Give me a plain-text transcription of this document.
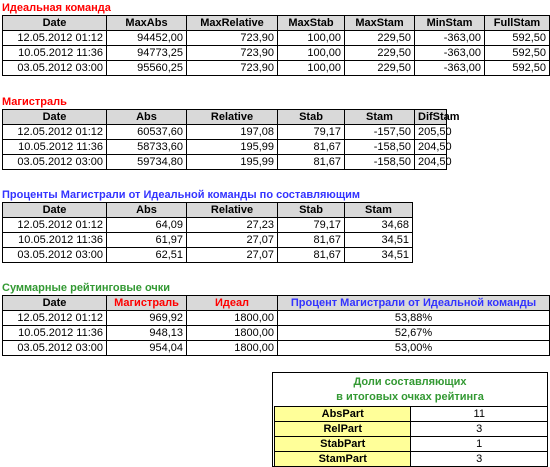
Идеальная команда
Date	MaxAbs	MaxRelative	MaxStab	MaxStam	MinStam	FullStam
12.05.2012 01:12	94452,00	723,90	100,00	229,50	-363,00	592,50
10.05.2012 11:36	94773,25	723,90	100,00	229,50	-363,00	592,50
03.05.2012 03:00	95560,25	723,90	100,00	229,50	-363,00	592,50
Магистраль
Date	Abs	Relative	Stab	Stam	DifStam
12.05.2012 01:12	60537,60	197,08	79,17	-157,50	205,50
10.05.2012 11:36	58733,60	195,99	81,67	-158,50	204,50
03.05.2012 03:00	59734,80	195,99	81,67	-158,50	204,50
Проценты Магистрали от Идеальной команды по составляющим
Date	Abs	Relative	Stab	Stam
12.05.2012 01:12	64,09	27,23	79,17	34,68
10.05.2012 11:36	61,97	27,07	81,67	34,51
03.05.2012 03:00	62,51	27,07	81,67	34,51
Суммарные рейтинговые очки
Date	Магистраль	Идеал	Процент Магистрали от Идеальной команды
12.05.2012 01:12	969,92	1800,00	53,88%
10.05.2012 11:36	948,13	1800,00	52,67%
03.05.2012 03:00	954,04	1800,00	53,00%
Доли составляющих
в итоговых очках рейтинга		

	AbsPart	11
	RelPart	3
	StabPart	1
	StamPart	3
